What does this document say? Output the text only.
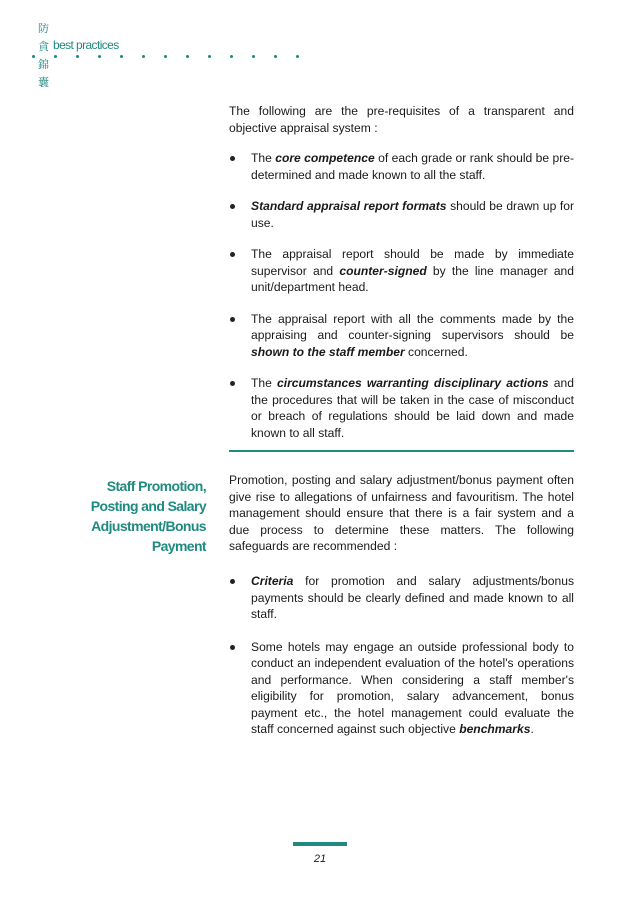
防
貪
錦
囊
best practices

The following are the pre-requisites of a transparent and objective appraisal system :

The core competence of each grade or rank should be pre-determined and made known to all the staff.
Standard appraisal report formats should be drawn up for use.
The appraisal report should be made by immediate supervisor and counter-signed by the line manager and unit/department head.
The appraisal report with all the comments made by the appraising and counter-signing supervisors should be shown to the staff member concerned.
The circumstances warranting disciplinary actions and the procedures that will be taken in the case of misconduct or breach of regulations should be laid down and made known to all staff.
Staff Promotion,
Posting and Salary
Adjustment/Bonus
Payment

Promotion, posting and salary adjustment/bonus payment often give rise to allegations of unfairness and favouritism. The hotel management should ensure that there is a fair system and a due process to determine these matters. The following safeguards are recommended :

Criteria for promotion and salary adjustments/bonus payments should be clearly defined and made known to all staff.
Some hotels may engage an outside professional body to conduct an independent evaluation of the hotel's operations and performance. When considering a staff member's eligibility for promotion, salary advancement, bonus payment etc., the hotel management could evaluate the staff concerned against such objective benchmarks.
21
